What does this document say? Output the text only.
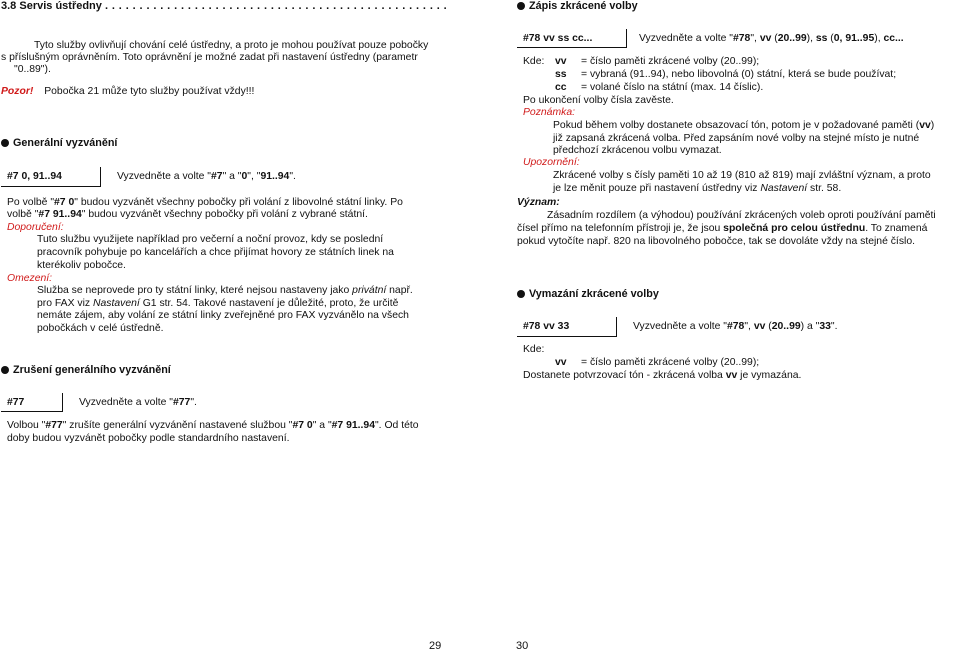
3.8 Servis ústředny . . . . . . . . . . . . . . . . . . . . . . . . . . . . . . . . . . . . . . . . . . . . . . . . . .
Tyto služby ovlivňují chování celé ústředny, a proto je mohou používat pouze pobočky
s příslušným oprávněním. Toto oprávnění je možné zadat při nastavení ústředny (parametr
"0..89").
Pozor! Pobočka 21 může tyto služby používat vždy!!!
Generální vyzvánění
#7 0, 91..94	Vyzvedněte a volte "#7" a "0", "91..94".
Po volbě "#7 0" budou vyzvánět všechny pobočky při volání z libovolné státní linky. Po
volbě "#7 91..94" budou vyzvánět všechny pobočky při volání z vybrané státní.
Doporučení:
Tuto službu využijete například pro večerní a noční provoz, kdy se poslední
pracovník pohybuje po kancelářích a chce přijímat hovory ze státních linek na
kterékoliv pobočce.
Omezení:
Služba se neprovede pro ty státní linky, které nejsou nastaveny jako privátní např.
pro FAX viz Nastavení G1 str. 54. Takové nastavení je důležité, proto, že určitě
nemáte zájem, aby volání ze státní linky zveřejněné pro FAX vyzvánělo na všech
pobočkách v celé ústředně.
Zrušení generálního vyzvánění
#77	Vyzvedněte a volte "#77".
Volbou "#77" zrušíte generální vyzvánění nastavené službou "#7 0" a "#7 91..94". Od této
doby budou vyzvánět pobočky podle standardního nastavení.
29
Zápis zkrácené volby
#78 vv ss cc...	Vyzvedněte a volte "#78", vv (20..99), ss (0, 91..95), cc...
Kde: vv = číslo paměti zkrácené volby (20..99);
ss = vybraná (91..94), nebo libovolná (0) státní, která se bude používat;
cc = volané číslo na státní (max. 14 číslic).
Po ukončení volby čísla zavěste.
Poznámka:
Pokud během volby dostanete obsazovací tón, potom je v požadované paměti (vv)
již zapsaná zkrácená volba. Před zapsáním nové volby na stejné místo je nutné
předchozí zkrácenou volbu vymazat.
Upozornění:
Zkrácené volby s čísly paměti 10 až 19 (810 až 819) mají zvláštní význam, a proto
je lze měnit pouze při nastavení ústředny viz Nastavení str. 58.
Význam:
Zásadním rozdílem (a výhodou) používání zkrácených voleb oproti používání paměti
čísel přímo na telefonním přístroji je, že jsou společná pro celou ústřednu. To znamená
pokud vytočíte např. 820 na libovolného pobočce, tak se dovoláte vždy na stejné číslo.
Vymazání zkrácené volby
#78 vv 33	Vyzvedněte a volte "#78", vv (20..99) a "33".
Kde:
vv = číslo paměti zkrácené volby (20..99);
Dostanete potvrzovací tón - zkrácená volba vv je vymazána.
30
